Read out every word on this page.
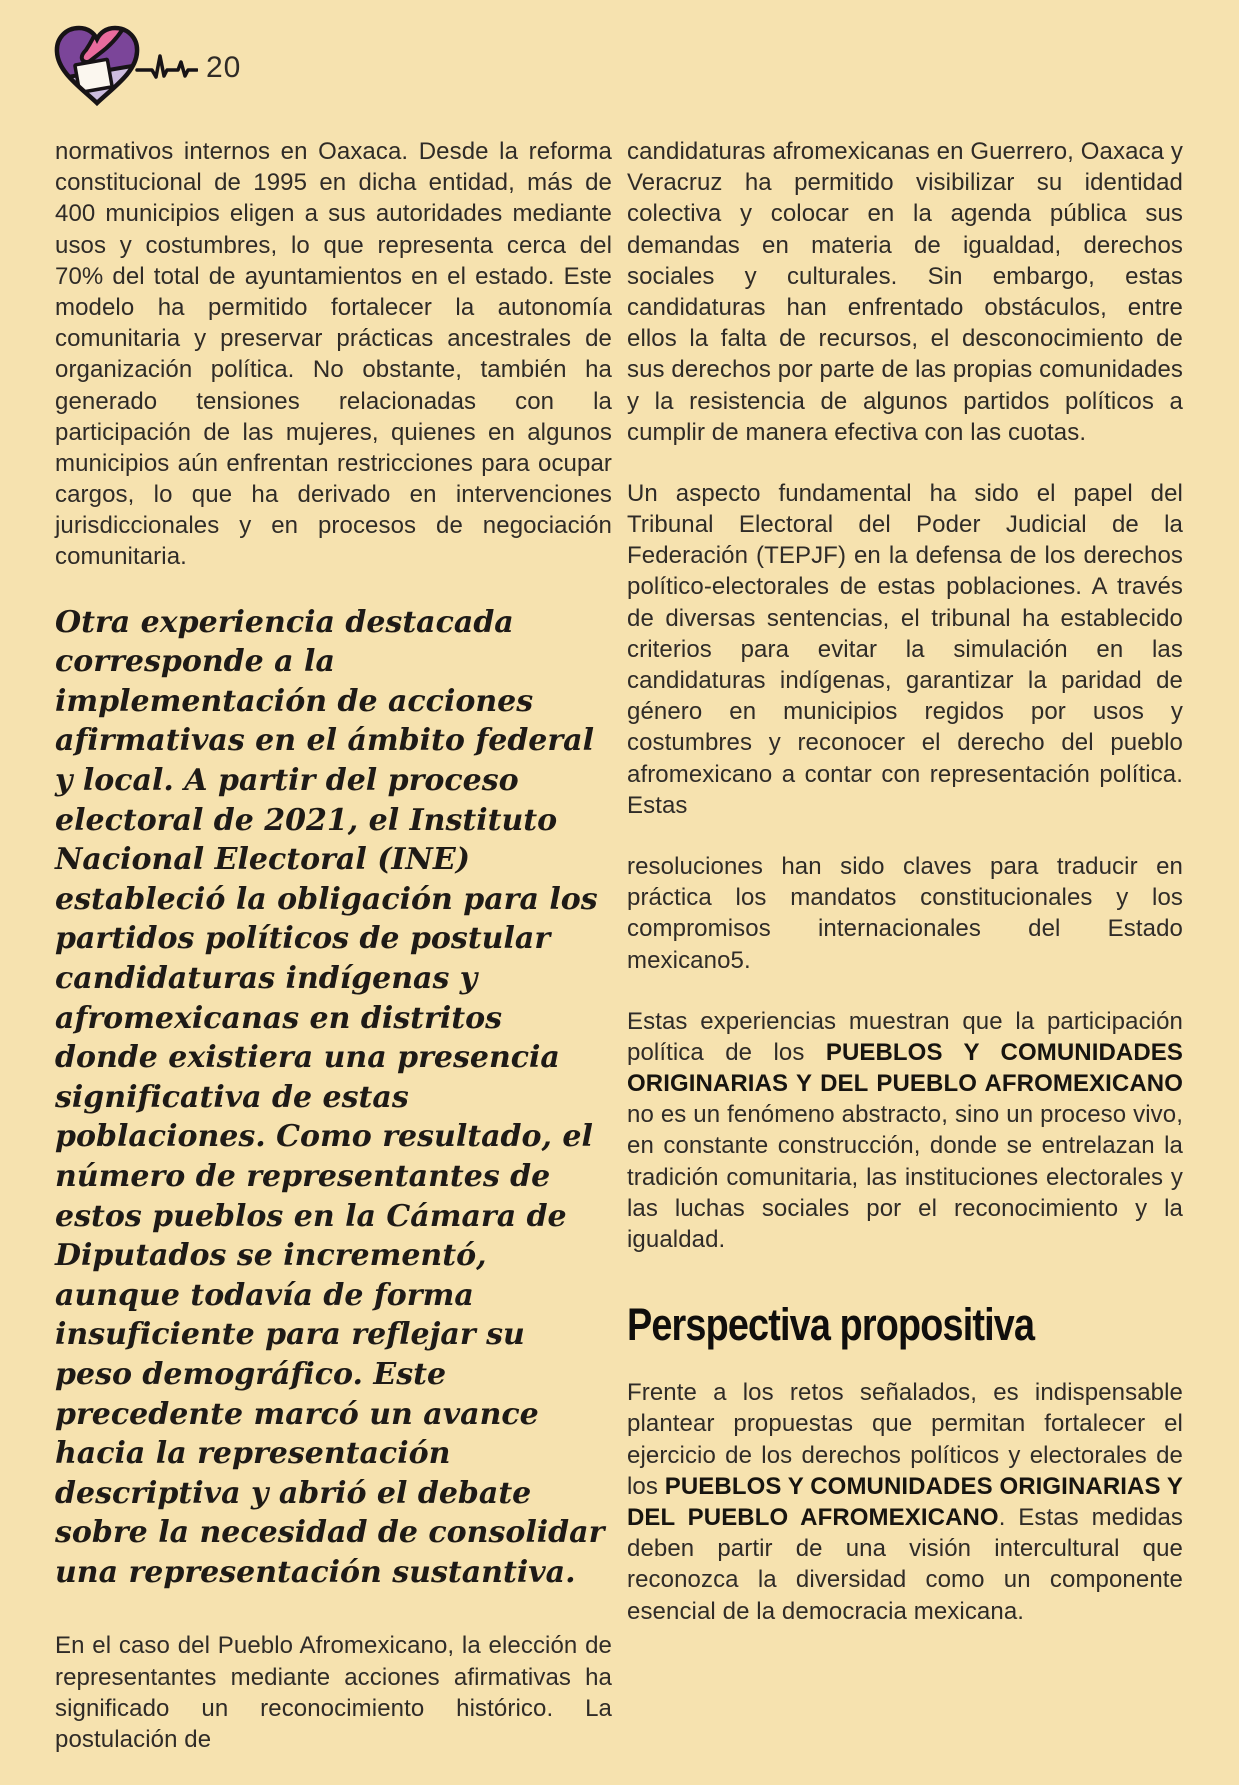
20

normativos internos en Oaxaca. Desde la reforma constitucional de 1995 en dicha entidad, más de 400 municipios eligen a sus autoridades mediante usos y costumbres, lo que representa cerca del 70% del total de ayuntamientos en el estado. Este modelo ha permitido fortalecer la autonomía comunitaria y preservar prácticas ancestrales de organización política. No obstante, también ha generado tensiones relacionadas con la participación de las mujeres, quienes en algunos municipios aún enfrentan restricciones para ocupar cargos, lo que ha derivado en intervenciones jurisdiccionales y en procesos de negociación comunitaria.

Otra experiencia destacada corresponde a la implementación de acciones afirmativas en el ámbito federal y local. A partir del proceso electoral de 2021, el Instituto Nacional Electoral (INE) estableció la obligación para los partidos políticos de postular candidaturas indígenas y afromexicanas en distritos donde existiera una presencia significativa de estas poblaciones. Como resultado, el número de representantes de estos pueblos en la Cámara de Diputados se incrementó, aunque todavía de forma insuficiente para reflejar su peso demográfico. Este precedente marcó un avance hacia la representación descriptiva y abrió el debate sobre la necesidad de consolidar una representación sustantiva.

En el caso del Pueblo Afromexicano, la elección de representantes mediante acciones afirmativas ha significado un reconocimiento histórico. La postulación de

candidaturas afromexicanas en Guerrero, Oaxaca y Veracruz ha permitido visibilizar su identidad colectiva y colocar en la agenda pública sus demandas en materia de igualdad, derechos sociales y culturales. Sin embargo, estas candidaturas han enfrentado obstáculos, entre ellos la falta de recursos, el desconocimiento de sus derechos por parte de las propias comunidades y la resistencia de algunos partidos políticos a cumplir de manera efectiva con las cuotas.

Un aspecto fundamental ha sido el papel del Tribunal Electoral del Poder Judicial de la Federación (TEPJF) en la defensa de los derechos político-electorales de estas poblaciones. A través de diversas sentencias, el tribunal ha establecido criterios para evitar la simulación en las candidaturas indígenas, garantizar la paridad de género en municipios regidos por usos y costumbres y reconocer el derecho del pueblo afromexicano a contar con representación política. Estas

resoluciones han sido claves para traducir en práctica los mandatos constitucionales y los compromisos internacionales del Estado mexicano5.

Estas experiencias muestran que la participación política de los PUEBLOS Y COMUNIDADES ORIGINARIAS Y DEL PUEBLO AFROMEXICANO no es un fenómeno abstracto, sino un proceso vivo, en constante construcción, donde se entrelazan la tradición comunitaria, las instituciones electorales y las luchas sociales por el reconocimiento y la igualdad.

Perspectiva propositiva

Frente a los retos señalados, es indispensable plantear propuestas que permitan fortalecer el ejercicio de los derechos políticos y electorales de los PUEBLOS Y COMUNIDADES ORIGINARIAS Y DEL PUEBLO AFROMEXICANO. Estas medidas deben partir de una visión intercultural que reconozca la diversidad como un componente esencial de la democracia mexicana.
